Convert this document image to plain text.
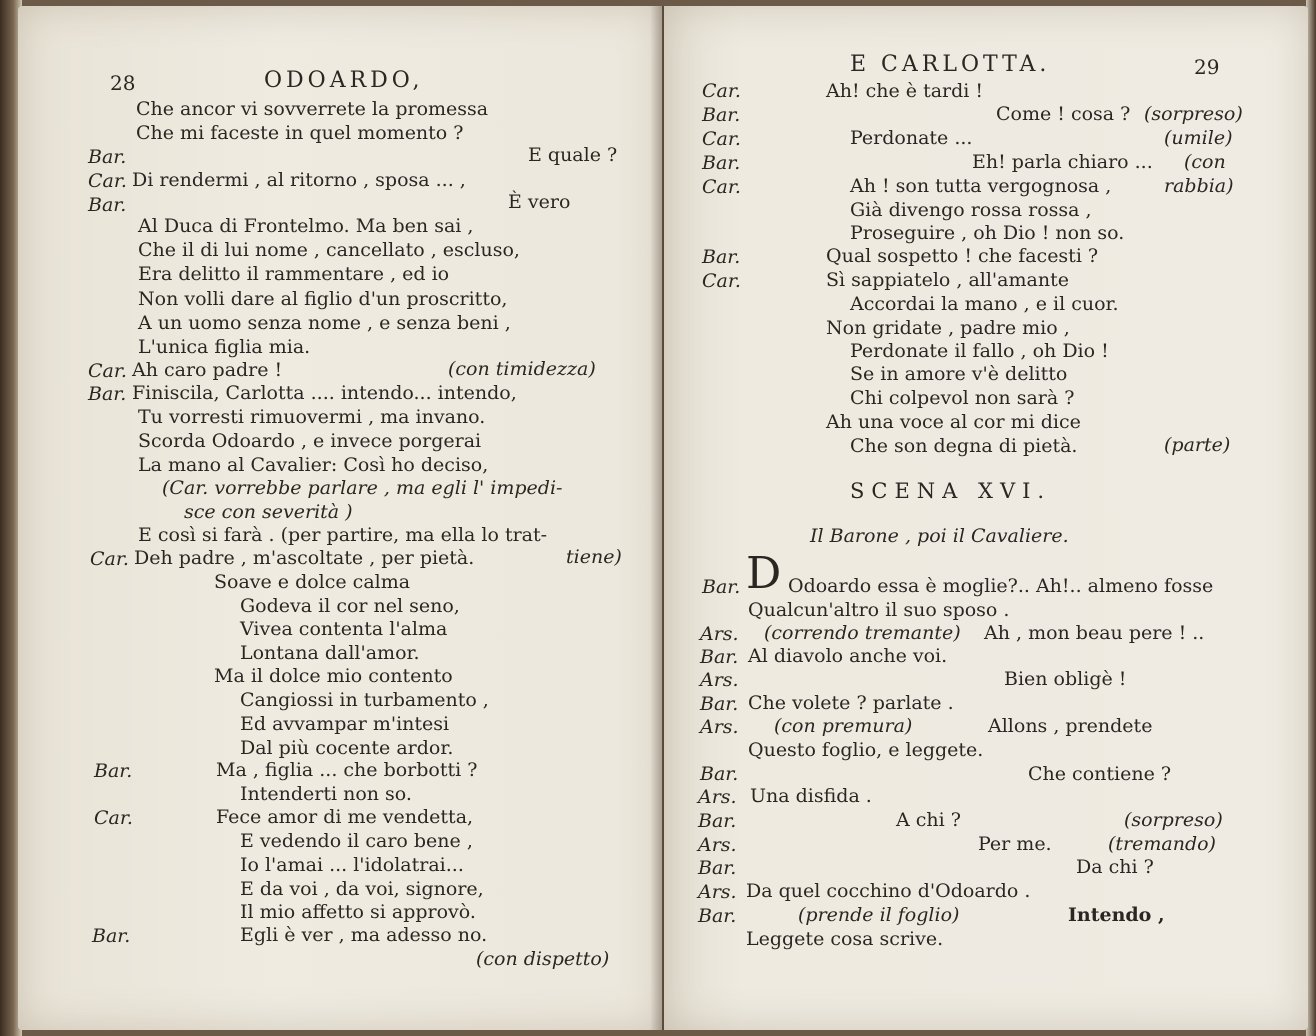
28	ODOARDO,
Che ancor vi sovverrete la promessa
Che mi faceste in quel momento ?
Bar.	E quale ?
Car. Di rendermi , al ritorno , sposa ... ,
Bar.	È vero
Al Duca di Frontelmo. Ma ben sai ,
Che il di lui nome , cancellato , escluso,
Era delitto il rammentare , ed io
Non volli dare al figlio d'un proscritto,
A un uomo senza nome , e senza beni ,
L'unica figlia mia.
Car. Ah caro padre !	(con timidezza)
Bar. Finiscila, Carlotta .... intendo... intendo,
Tu vorresti rimuovermi , ma invano.
Scorda Odoardo , e invece porgerai
La mano al Cavalier: Così ho deciso,
(Car. vorrebbe parlare , ma egli l' impedi-
sce con severità )
E così si farà . (per partire, ma ella lo trat-
Car. Deh padre , m'ascoltate , per pietà.	tiene)
Soave e dolce calma
Godeva il cor nel seno,
Vivea contenta l'alma
Lontana dall'amor.
Ma il dolce mio contento
Cangiossi in turbamento ,
Ed avvampar m'intesi
Dal più cocente ardor.
Bar.	Ma , figlia ... che borbotti ?
Intenderti non so.
Car.	Fece amor di me vendetta,
E vedendo il caro bene ,
Io l'amai ... l'idolatrai...
E da voi , da voi, signore,
Il mio affetto si approvò.
Bar.	Egli è ver , ma adesso no.
(con dispetto)
E CARLOTTA.	29
Car.	Ah! che è tardi !
Bar.	Come ! cosa ? (sorpreso)
Car.	Perdonate ...	(umile)
Bar.	Eh! parla chiaro ... (con
Car.	Ah ! son tutta vergognosa ,	rabbia)
Già divengo rossa rossa ,
Proseguire , oh Dio ! non so.
Bar.	Qual sospetto ! che facesti ?
Car.	Sì sappiatelo , all'amante
Accordai la mano , e il cuor.
Non gridate , padre mio ,
Perdonate il fallo , oh Dio !
Se in amore v'è delitto
Chi colpevol non sarà ?
Ah una voce al cor mi dice
Che son degna di pietà.	(parte)
SCENA XVI.
Il Barone , poi il Cavaliere.
Bar. D Odoardo essa è moglie?.. Ah!.. almeno fosse
Qualcun'altro il suo sposo .
Ars. (correndo tremante) Ah , mon beau pere ! ..
Bar. Al diavolo anche voi.
Ars.	Bien obligè !
Bar. Che volete ? parlate .
Ars. (con premura)	Allons , prendete
Questo foglio, e leggete.
Bar.	Che contiene ?
Ars. Una disfida .
Bar.	A chi ?	(sorpreso)
Ars.	Per me.	(tremando)
Bar.	Da chi ?
Ars. Da quel cocchino d'Odoardo .
Bar.	(prende il foglio)	Intendo ,
Leggete cosa scrive.
